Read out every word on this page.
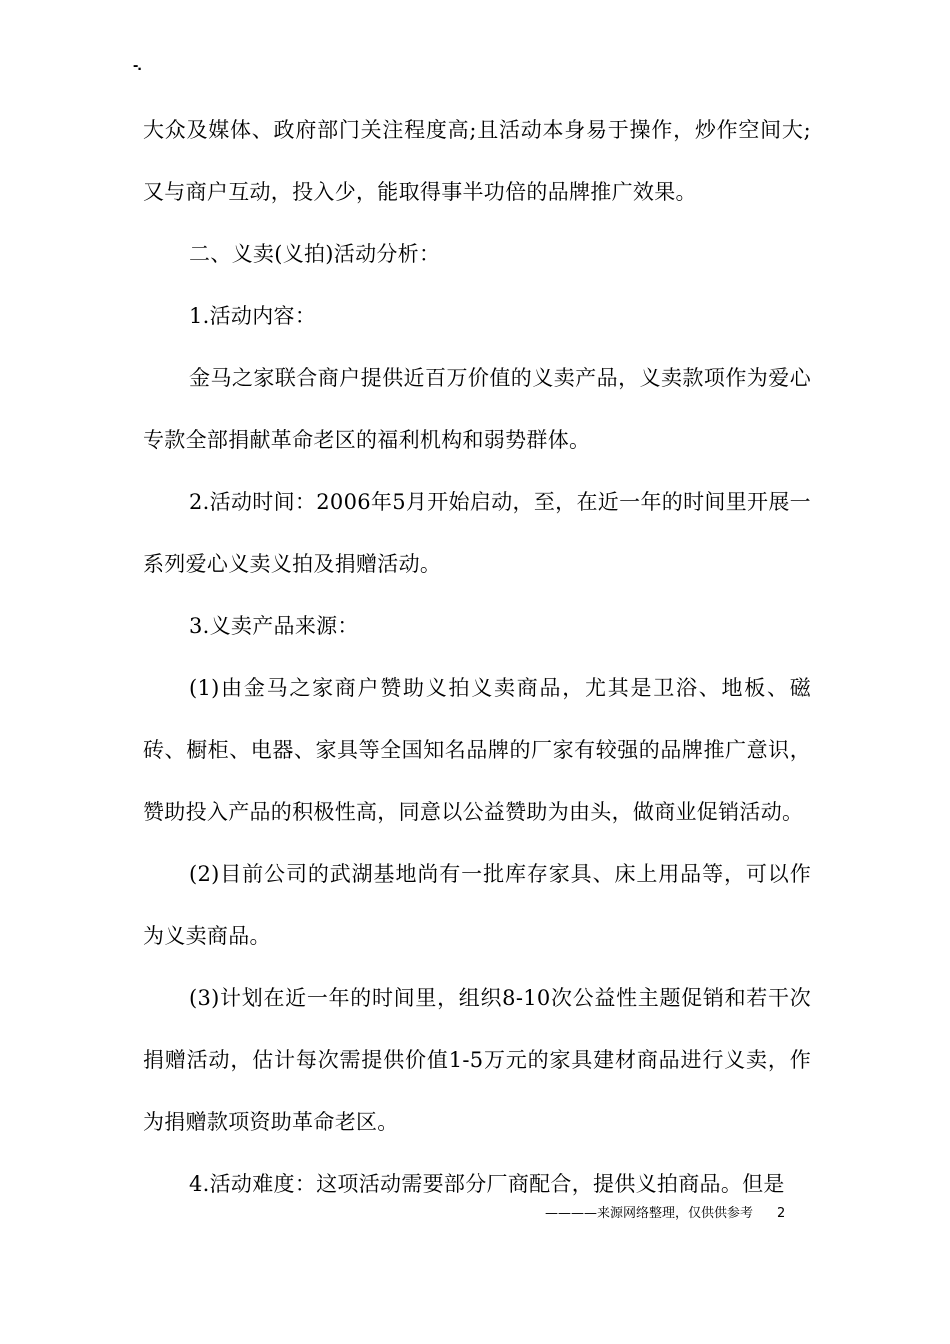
-.

大众及媒体、政府部门关注程度高;且活动本身易于操作，炒作空间大;又与商户互动，投入少，能取得事半功倍的品牌推广效果。

二、义卖(义拍)活动分析：

1.活动内容：

金马之家联合商户提供近百万价值的义卖产品，义卖款项作为爱心专款全部捐献革命老区的福利机构和弱势群体。

2.活动时间：2006年5月开始启动，至，在近一年的时间里开展一系列爱心义卖义拍及捐赠活动。

3.义卖产品来源：

(1)由金马之家商户赞助义拍义卖商品，尤其是卫浴、地板、磁砖、橱柜、电器、家具等全国知名品牌的厂家有较强的品牌推广意识，赞助投入产品的积极性高，同意以公益赞助为由头，做商业促销活动。

(2)目前公司的武湖基地尚有一批库存家具、床上用品等，可以作为义卖商品。

(3)计划在近一年的时间里，组织8-10次公益性主题促销和若干次捐赠活动，估计每次需提供价值1-5万元的家具建材商品进行义卖，作为捐赠款项资助革命老区。

4.活动难度：这项活动需要部分厂商配合，提供义拍商品。但是

————来源网络整理，仅供供参考 2
